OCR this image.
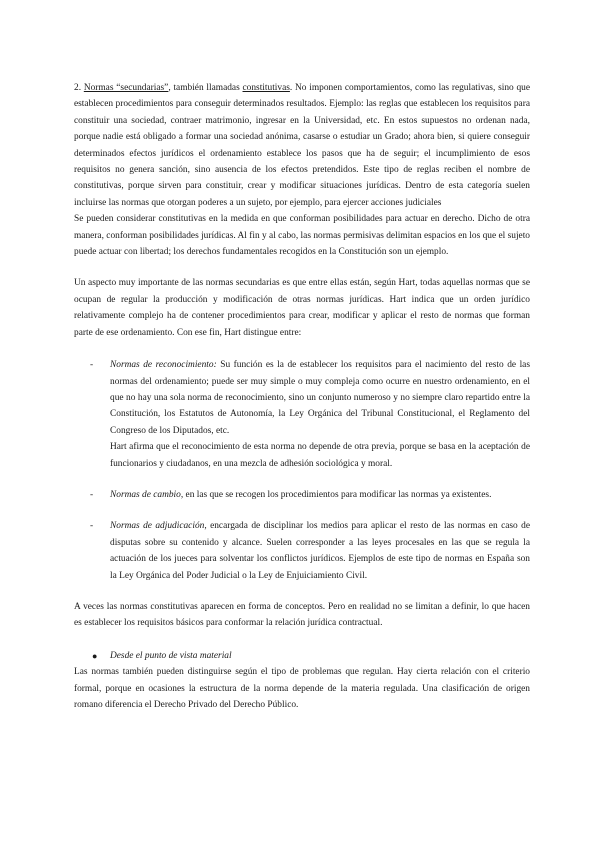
2. Normas “secundarias”, también llamadas constitutivas. No imponen comportamientos, como las regulativas, sino que establecen procedimientos para conseguir determinados resultados. Ejemplo: las reglas que establecen los requisitos para constituir una sociedad, contraer matrimonio, ingresar en la Universidad, etc. En estos supuestos no ordenan nada, porque nadie está obligado a formar una sociedad anónima, casarse o estudiar un Grado; ahora bien, si quiere conseguir determinados efectos jurídicos el ordenamiento establece los pasos que ha de seguir; el incumplimiento de esos requisitos no genera sanción, sino ausencia de los efectos pretendidos. Este tipo de reglas reciben el nombre de constitutivas, porque sirven para constituir, crear y modificar situaciones jurídicas. Dentro de esta categoría suelen incluirse las normas que otorgan poderes a un sujeto, por ejemplo, para ejercer acciones judiciales

Se pueden considerar constitutivas en la medida en que conforman posibilidades para actuar en derecho. Dicho de otra manera, conforman posibilidades jurídicas. Al fin y al cabo, las normas permisivas delimitan espacios en los que el sujeto puede actuar con libertad; los derechos fundamentales recogidos en la Constitución son un ejemplo.

Un aspecto muy importante de las normas secundarias es que entre ellas están, según Hart, todas aquellas normas que se ocupan de regular la producción y modificación de otras normas jurídicas. Hart indica que un orden jurídico relativamente complejo ha de contener procedimientos para crear, modificar y aplicar el resto de normas que forman parte de ese ordenamiento. Con ese fin, Hart distingue entre:

- Normas de reconocimiento: Su función es la de establecer los requisitos para el nacimiento del resto de las normas del ordenamiento; puede ser muy simple o muy compleja como ocurre en nuestro ordenamiento, en el que no hay una sola norma de reconocimiento, sino un conjunto numeroso y no siempre claro repartido entre la Constitución, los Estatutos de Autonomía, la Ley Orgánica del Tribunal Constitucional, el Reglamento del Congreso de los Diputados, etc.

Hart afirma que el reconocimiento de esta norma no depende de otra previa, porque se basa en la aceptación de funcionarios y ciudadanos, en una mezcla de adhesión sociológica y moral.

- Normas de cambio, en las que se recogen los procedimientos para modificar las normas ya existentes.

- Normas de adjudicación, encargada de disciplinar los medios para aplicar el resto de las normas en caso de disputas sobre su contenido y alcance. Suelen corresponder a las leyes procesales en las que se regula la actuación de los jueces para solventar los conflictos jurídicos. Ejemplos de este tipo de normas en España son la Ley Orgánica del Poder Judicial o la Ley de Enjuiciamiento Civil.

A veces las normas constitutivas aparecen en forma de conceptos. Pero en realidad no se limitan a definir, lo que hacen es establecer los requisitos básicos para conformar la relación jurídica contractual.

● Desde el punto de vista material

Las normas también pueden distinguirse según el tipo de problemas que regulan. Hay cierta relación con el criterio formal, porque en ocasiones la estructura de la norma depende de la materia regulada. Una clasificación de origen romano diferencia el Derecho Privado del Derecho Público.
